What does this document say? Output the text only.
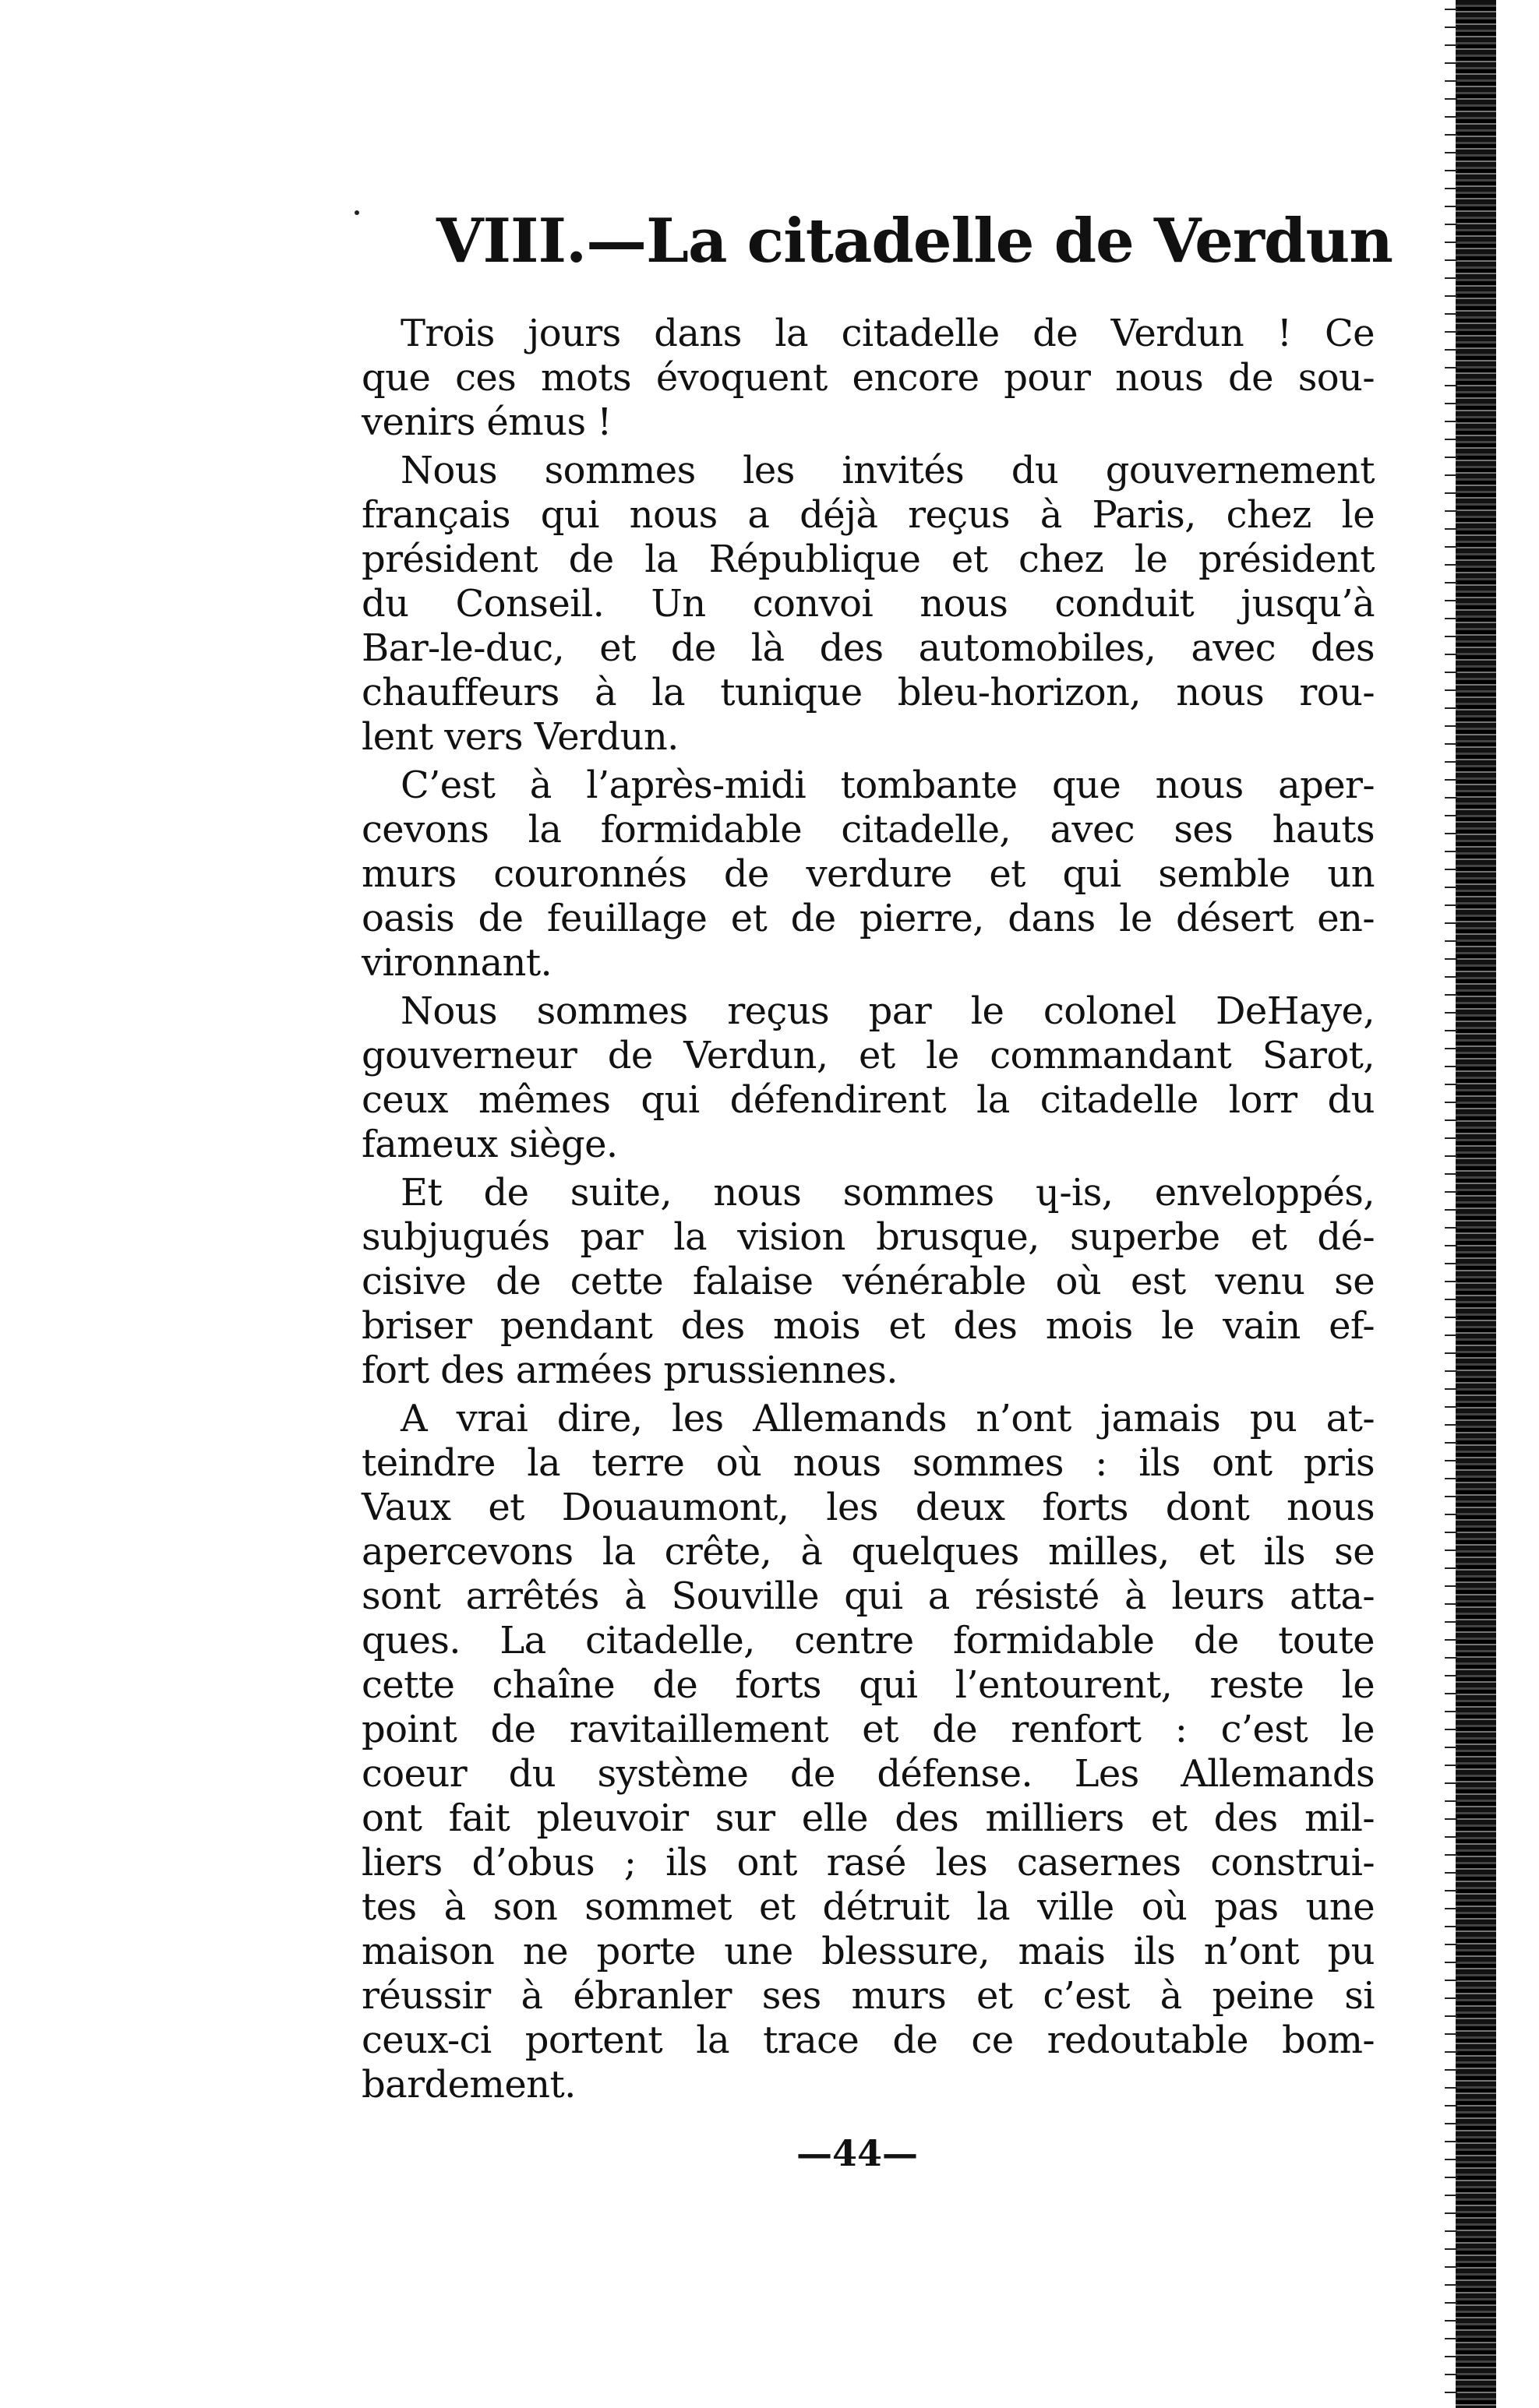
VIII.—La citadelle de Verdun

Trois jours dans la citadelle de Verdun ! Ce
que ces mots évoquent encore pour nous de sou-
venirs émus !

Nous sommes les invités du gouvernement
français qui nous a déjà reçus à Paris, chez le
président de la République et chez le président
du Conseil. Un convoi nous conduit jusqu’à
Bar-le-duc, et de là des automobiles, avec des
chauffeurs à la tunique bleu-horizon, nous rou-
lent vers Verdun.

C’est à l’après-midi tombante que nous aper-
cevons la formidable citadelle, avec ses hauts
murs couronnés de verdure et qui semble un
oasis de feuillage et de pierre, dans le désert en-
vironnant.

Nous sommes reçus par le colonel DeHaye,
gouverneur de Verdun, et le commandant Sarot,
ceux mêmes qui défendirent la citadelle lorr du
fameux siège.

Et de suite, nous sommes ɥ-is, enveloppés,
subjugués par la vision brusque, superbe et dé-
cisive de cette falaise vénérable où est venu se
briser pendant des mois et des mois le vain ef-
fort des armées prussiennes.

A vrai dire, les Allemands n’ont jamais pu at-
teindre la terre où nous sommes : ils ont pris
Vaux et Douaumont, les deux forts dont nous
apercevons la crête, à quelques milles, et ils se
sont arrêtés à Souville qui a résisté à leurs atta-
ques. La citadelle, centre formidable de toute
cette chaîne de forts qui l’entourent, reste le
point de ravitaillement et de renfort : c’est le
coeur du système de défense. Les Allemands
ont fait pleuvoir sur elle des milliers et des mil-
liers d’obus ; ils ont rasé les casernes construi-
tes à son sommet et détruit la ville où pas une
maison ne porte une blessure, mais ils n’ont pu
réussir à ébranler ses murs et c’est à peine si
ceux-ci portent la trace de ce redoutable bom-
bardement.

—44—
